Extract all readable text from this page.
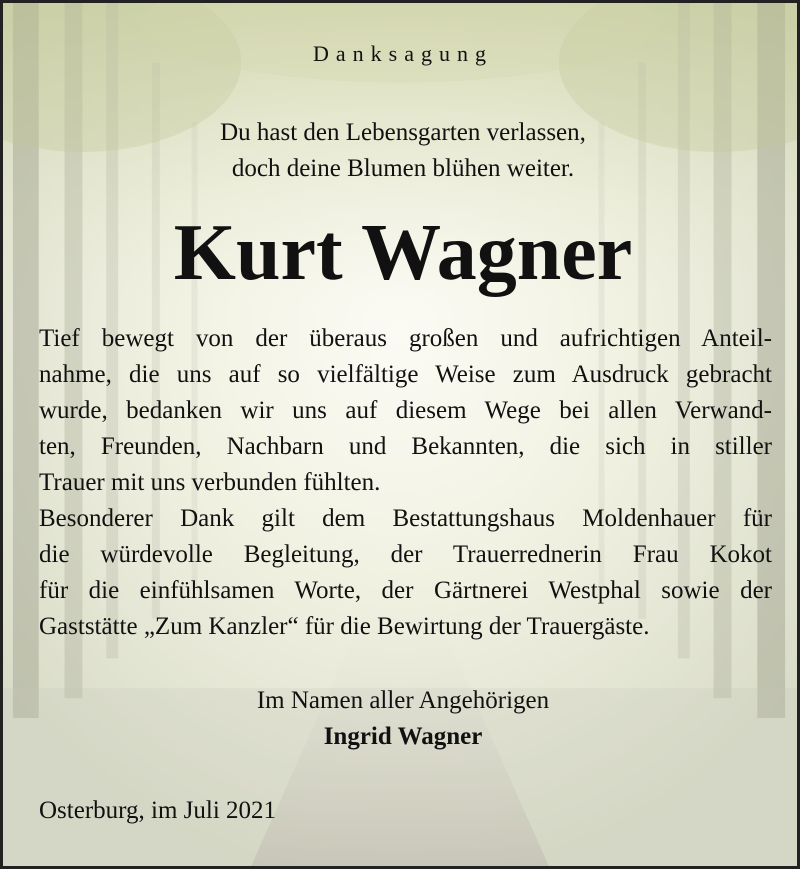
Danksagung
Du hast den Lebensgarten verlassen,
doch deine Blumen blühen weiter.
Kurt Wagner
Tief bewegt von der überaus großen und aufrichtigen Anteil-
nahme, die uns auf so vielfältige Weise zum Ausdruck gebracht
wurde, bedanken wir uns auf diesem Wege bei allen Verwand-
ten, Freunden, Nachbarn und Bekannten, die sich in stiller
Trauer mit uns verbunden fühlten.
Besonderer Dank gilt dem Bestattungshaus Moldenhauer für
die würdevolle Begleitung, der Trauerrednerin Frau Kokot
für die einfühlsamen Worte, der Gärtnerei Westphal sowie der
Gaststätte „Zum Kanzler“ für die Bewirtung der Trauergäste.
Im Namen aller Angehörigen
Ingrid Wagner
Osterburg, im Juli 2021
